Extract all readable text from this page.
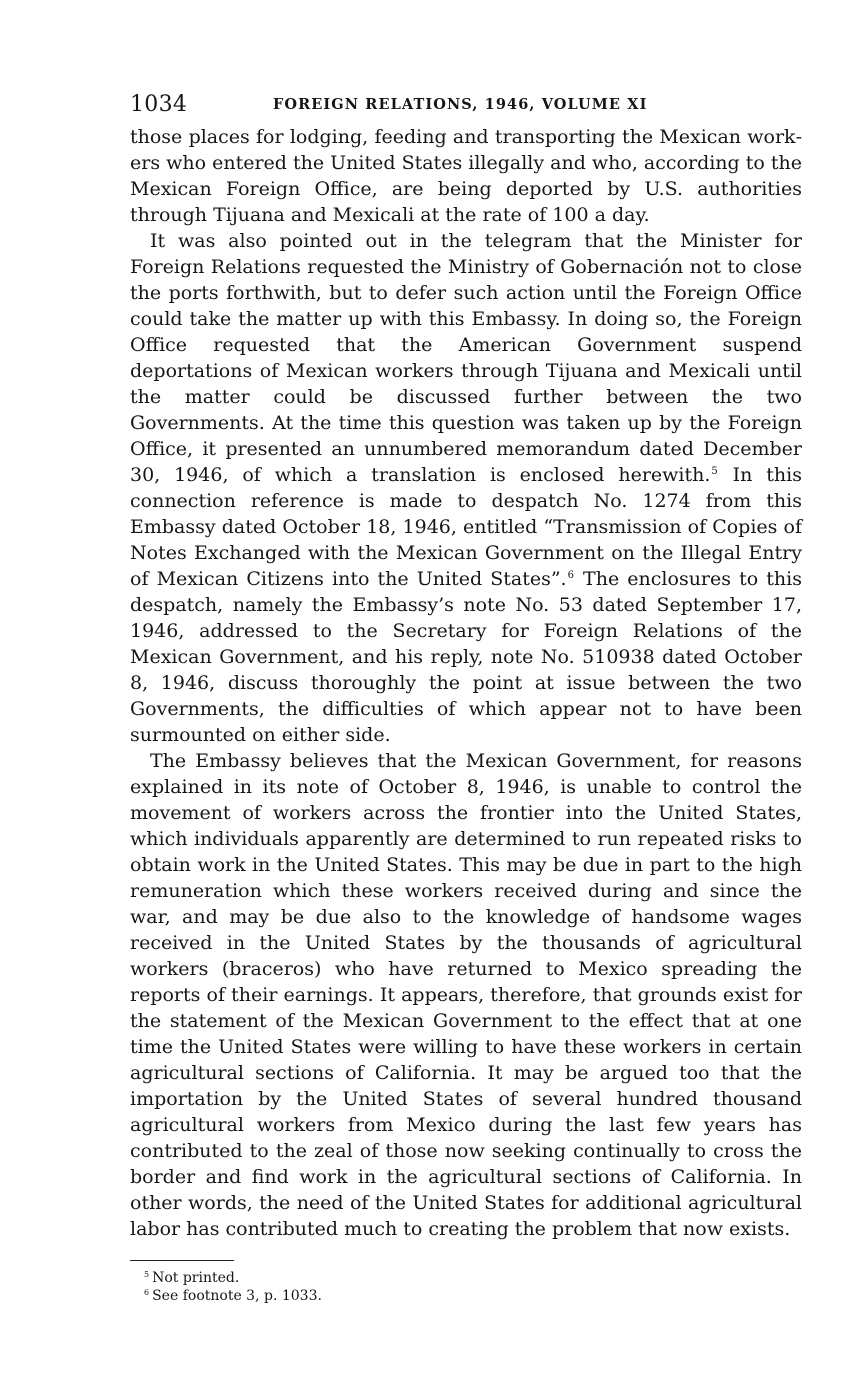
1034	FOREIGN RELATIONS, 1946, VOLUME XI

those places for lodging, feeding and transporting the Mexican workers who entered the United States illegally and who, according to the Mexican Foreign Office, are being deported by U.S. authorities through Tijuana and Mexicali at the rate of 100 a day.

It was also pointed out in the telegram that the Minister for Foreign Relations requested the Ministry of Gobernación not to close the ports forthwith, but to defer such action until the Foreign Office could take the matter up with this Embassy. In doing so, the Foreign Office requested that the American Government suspend deportations of Mexican workers through Tijuana and Mexicali until the matter could be discussed further between the two Governments. At the time this question was taken up by the Foreign Office, it presented an unnumbered memorandum dated December 30, 1946, of which a translation is enclosed herewith.$^5$ In this connection reference is made to despatch No. 1274 from this Embassy dated October 18, 1946, entitled “Transmission of Copies of Notes Exchanged with the Mexican Government on the Illegal Entry of Mexican Citizens into the United States”.$^6$ The enclosures to this despatch, namely the Embassy’s note No. 53 dated September 17, 1946, addressed to the Secretary for Foreign Relations of the Mexican Government, and his reply, note No. 510938 dated October 8, 1946, discuss thoroughly the point at issue between the two Governments, the difficulties of which appear not to have been surmounted on either side.

The Embassy believes that the Mexican Government, for reasons explained in its note of October 8, 1946, is unable to control the movement of workers across the frontier into the United States, which individuals apparently are determined to run repeated risks to obtain work in the United States. This may be due in part to the high remuneration which these workers received during and since the war, and may be due also to the knowledge of handsome wages received in the United States by the thousands of agricultural workers (braceros) who have returned to Mexico spreading the reports of their earnings. It appears, therefore, that grounds exist for the statement of the Mexican Government to the effect that at one time the United States were willing to have these workers in certain agricultural sections of California. It may be argued too that the importation by the United States of several hundred thousand agricultural workers from Mexico during the last few years has contributed to the zeal of those now seeking continually to cross the border and find work in the agricultural sections of California. In other words, the need of the United States for additional agricultural labor has contributed much to creating the problem that now exists.

$^5$ Not printed.
$^6$ See footnote 3, p. 1033.
